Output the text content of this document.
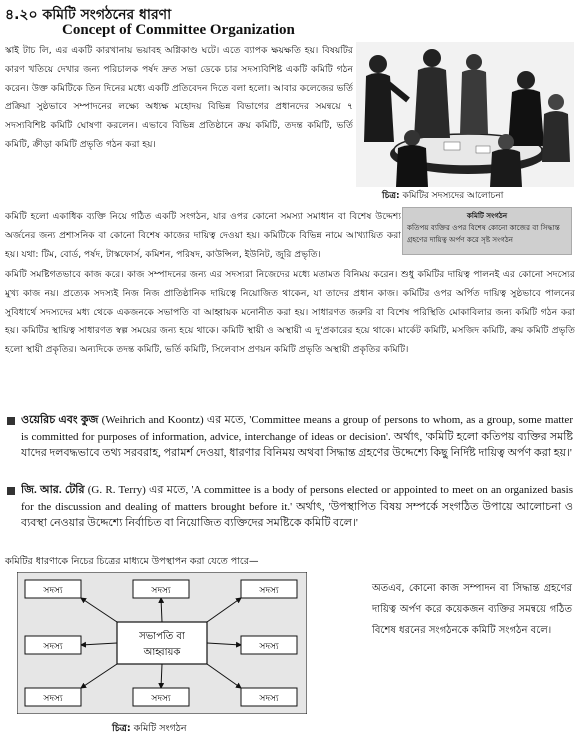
৪.২০ কমিটি সংগঠনের ধারণা
Concept of Committee Organization

স্কাই টাচ লি, এর একটি কারখানায় ভয়াবহ অগ্নিকাণ্ড ঘটে। এতে ব্যাপক ক্ষয়ক্ষতি হয়। বিষয়টির কারণ খতিয়ে দেখার জন্য পরিচালক পর্ষদ দ্রুত সভা ডেকে চার সদস্যবিশিষ্ট একটি কমিটি গঠন করেন। উক্ত কমিটিকে তিন দিনের মধ্যে একটি প্রতিবেদন দিতে বলা হলো। আবার কলেজের ভর্তি প্রক্রিয়া সুষ্ঠভাবে সম্পাদনের লক্ষ্যে অধ্যক্ষ মহোদয় বিভিন্ন বিভাগের প্রধানদের সমন্বয়ে ৭ সদস্যবিশিষ্ট কমিটি ঘোষণা করলেন। এভাবে বিভিন্ন প্রতিষ্ঠানে ক্রয় কমিটি, তদন্ত কমিটি, ভর্তি কমিটি, ক্রীড়া কমিটি প্রভৃতি গঠন করা হয়।

চিত্র: কমিটির সদস্যদের আলোচনা

কমিটি হলো একাধিক ব্যক্তি নিয়ে গঠিত একটি সংগঠন, যার ওপর কোনো সমস্যা সমাধান বা বিশেষ উদ্দেশ্য অর্জনের জন্য প্রশাসনিক বা কোনো বিশেষ কাজের দায়িত্ব দেওয়া হয়। কমিটিকে বিভিন্ন নামে আখ্যায়িত করা হয়। যথা: টিম, বোর্ড, পর্ষদ, টাস্কফোর্স, কমিশন, পরিষদ, কাউন্সিল, ইউনিট, জুরি প্রভৃতি।

কমিটি সংগঠন
কতিপয় ব্যক্তির ওপর বিশেষ কোনো কাজের বা সিদ্ধান্ত গ্রহণের দায়িত্ব অর্পণ করে সৃষ্ট সংগঠন

কমিটি সমষ্টিগতভাবে কাজ করে। কাজ সম্পাদনের জন্য এর সদস্যরা নিজেদের মধ্যে মতামত বিনিময় করেন। শুধু কমিটির দায়িত্ব পালনই এর কোনো সদস্যের মুখ্য কাজ নয়। প্রত্যেক সদস্যই নিজ নিজ প্রাতিষ্ঠানিক দায়িত্বে নিয়োজিত থাকেন, যা তাদের প্রধান কাজ। কমিটির ওপর অর্পিত দায়িত্ব সুষ্ঠভাবে পালনের সুবিধার্থে সদস্যদের মধ্য থেকে একজনকে সভাপতি বা আহ্বায়ক মনোনীত করা হয়। সাধারণত জরুরি বা বিশেষ পরিস্থিতি মোকাবিলার জন্য কমিটি গঠন করা হয়। কমিটির স্থায়িত্ব সাধারণত স্বল্প সময়ের জন্য হয়ে থাকে। কমিটি স্থায়ী ও অস্থায়ী এ দু'প্রকারের হয়ে থাকে। মার্কেট কমিটি, মসজিদ কমিটি, ক্রয় কমিটি প্রভৃতি হলো স্থায়ী প্রকৃতির। অন্যদিকে তদন্ত কমিটি, ভর্তি কমিটি, সিলেবাস প্রণয়ন কমিটি প্রভৃতি অস্থায়ী প্রকৃতির কমিটি।

ওয়েরিচ এবং কুজ (Weihrich and Koontz) এর মতে, 'Committee means a group of persons to whom, as a group, some matter is committed for purposes of information, advice, interchange of ideas or decision'. অর্থাৎ, 'কমিটি হলো কতিপয় ব্যক্তির সমষ্টি যাদের দলবদ্ধভাবে তথ্য সরবরাহ, পরামর্শ দেওয়া, ধারণার বিনিময় অথবা সিদ্ধান্ত গ্রহণের উদ্দেশ্যে কিছু নির্দিষ্ট দায়িত্ব অর্পণ করা হয়।'
জি. আর. টেরি (G. R. Terry) এর মতে, 'A committee is a body of persons elected or appointed to meet on an organized basis for the discussion and dealing of matters brought before it.' অর্থাৎ, 'উপস্থাপিত বিষয় সম্পর্কে সংগঠিত উপায়ে আলোচনা ও ব্যবস্থা নেওয়ার উদ্দেশ্যে নির্বাচিত বা নিয়োজিত ব্যক্তিদের সমষ্টিকে কমিটি বলে।'
কমিটির ধারণাকে নিচের চিত্রের মাধ্যমে উপস্থাপন করা যেতে পারে—
সদস্য	সদস্য	সদস্য
সদস্য	সদস্য
সদস্য	সদস্য	সদস্য
সভাপতি বা
আহ্বায়ক
চিত্র: কমিটি সংগঠন
অতএব, কোনো কাজ সম্পাদন বা সিদ্ধান্ত গ্রহণের দায়িত্ব অর্পণ করে কয়েকজন ব্যক্তির সমন্বয়ে গঠিত বিশেষ ধরনের সংগঠনকে কমিটি সংগঠন বলে।
